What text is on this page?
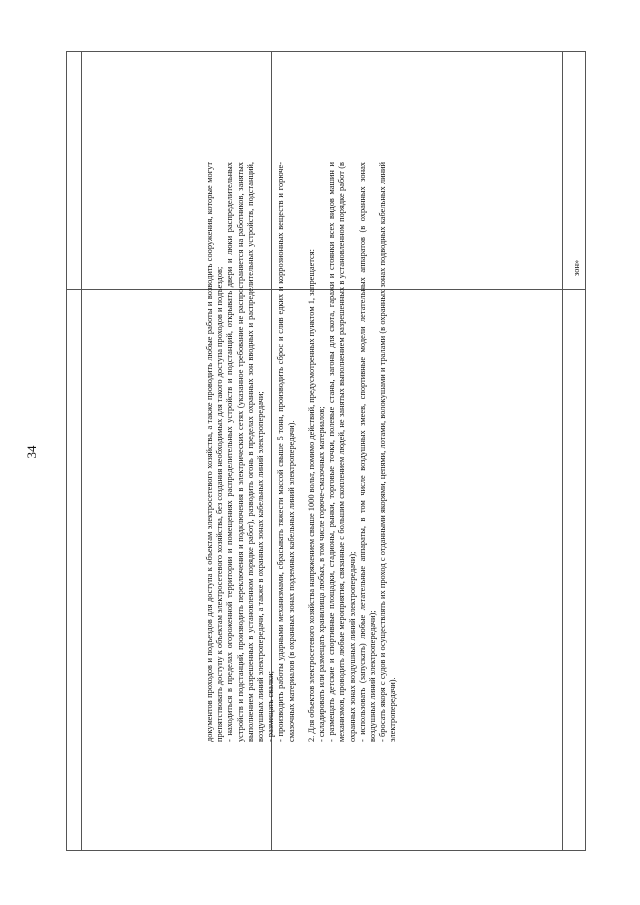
34	документов проходов и подъездов для доступа к объектам электросетевого хозяйства, а также проводить любые работы и возводить сооружения, которые могут препятствовать доступу к объектам электросетевого хозяйства, без создания необходимых для такого доступа проходов и подъездов; - находиться в пределах огороженной территории и помещениях распределительных устройств и подстанций, открывать двери и люки распределительных устройств и подстанций, производить переключения и подключения в электрических сетях (указанное требование не распространяется на работников, занятых выполнением разрешенных в установленном порядке работ), разводить огонь в пределах охранных зон вводных и распределительных устройств, подстанций, воздушных линий электропередачи, а также в охранных зонах кабельных линий электропередачи; - размещать свалки; - производить работы ударными механизмами, сбрасывать тяжести массой свыше 5 тонн, производить сброс и слив едких и коррозионных веществ и горюче-смазочных материалов (в охранных зонах подземных кабельных линий электропередачи). 2. Для объектов электросетевого хозяйства напряжением свыше 1000 вольт, помимо действий, предусмотренных пунктом 1, запрещается: - складировать или размещать хранилища любых, в том числе горюче-смазочных материалов; - размещать детские и спортивные площадки, стадионы, рынки, торговые точки, полевые станы, загоны для скота, гаражи и стоянки всех видов машин и механизмов, проводить любые мероприятия, связанные с большим скоплением людей, не занятых выполнением разрешенных в установленном порядке работ (в охранных зонах воздушных линий электропередачи); - использовать (запускать) любые летательные аппараты, в том числе воздушных змеев, спортивные модели летательных аппаратов (в охранных зонах воздушных линий электропередачи); - бросать якоря с судов и осуществлять их проход с отданными якорями, цепями, лотами, волокушами и тралами (в охранных зонах подводных кабельных линий электропередачи).

зон»
